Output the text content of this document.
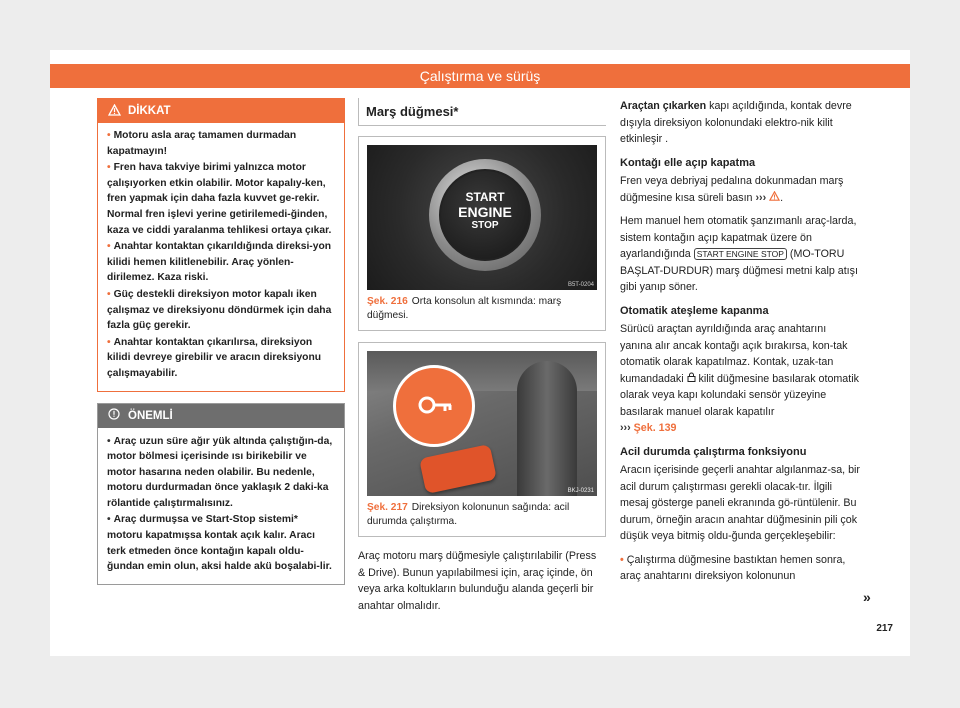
Çalıştırma ve sürüş
DİKKAT

• Motoru asla araç tamamen durmadan kapatmayın!

• Fren hava takviye birimi yalnızca motor çalışıyorken etkin olabilir. Motor kapalıy-ken, fren yapmak için daha fazla kuvvet ge-rekir. Normal fren işlevi yerine getirilemedi-ğinden, kaza ve ciddi yaralanma tehlikesi ortaya çıkar.

• Anahtar kontaktan çıkarıldığında direksi-yon kilidi hemen kilitlenebilir. Araç yönlen-dirilemez. Kaza riski.

• Güç destekli direksiyon motor kapalı iken çalışmaz ve direksiyonu döndürmek için daha fazla güç gerekir.

• Anahtar kontaktan çıkarılırsa, direksiyon kilidi devreye girebilir ve aracın direksiyonu çalışmayabilir.

ÖNEMLİ

• Araç uzun süre ağır yük altında çalıştığın-da, motor bölmesi içerisinde ısı birikebilir ve motor hasarına neden olabilir. Bu nedenle, motoru durdurmadan önce yaklaşık 2 daki-ka rölantide çalıştırmalısınız.

• Araç durmuşsa ve Start-Stop sistemi* motoru kapatmışsa kontak açık kalır. Aracı terk etmeden önce kontağın kapalı oldu-ğundan emin olun, aksi halde akü boşalabi-lir.

Marş düğmesi*
START
ENGINE
STOP
B5T-0204
Şek. 216 Orta konsolun alt kısmında: marş düğmesi.
BKJ-0231
Şek. 217 Direksiyon kolonunun sağında: acil durumda çalıştırma.

Araç motoru marş düğmesiyle çalıştırılabilir (Press & Drive). Bunun yapılabilmesi için, araç içinde, ön veya arka koltukların bulunduğu alanda geçerli bir anahtar olmalıdır.

Araçtan çıkarken kapı açıldığında, kontak devre dışıyla direksiyon kolonundaki elektro-nik kilit etkinleşir .

Kontağı elle açıp kapatma

Fren veya debriyaj pedalına dokunmadan marş düğmesine kısa süreli basın ››› .

Hem manuel hem otomatik şanzımanlı araç-larda, sistem kontağın açıp kapatmak üzere ön ayarlandığında START ENGINE STOP (MO-TORU BAŞLAT-DURDUR) marş düğmesi metni kalp atışı gibi yanıp söner.

Otomatik ateşleme kapanma

Sürücü araçtan ayrıldığında araç anahtarını yanına alır ancak kontağı açık bırakırsa, kon-tak otomatik olarak kapatılmaz. Kontak, uzak-tan kumandadaki kilit düğmesine basılarak otomatik olarak veya kapı kolundaki sensör yüzeyine basılarak manuel olarak kapatılır
››› Şek. 139

Acil durumda çalıştırma fonksiyonu

Aracın içerisinde geçerli anahtar algılanmaz-sa, bir acil durum çalıştırması gerekli olacak-tır. İlgili mesaj gösterge paneli ekranında gö-rüntülenir. Bu durum, örneğin aracın anahtar düğmesinin pili çok düşük veya bitmiş oldu-ğunda gerçekleşebilir:

• Çalıştırma düğmesine bastıktan hemen sonra, araç anahtarını direksiyon kolonunun

»
217
